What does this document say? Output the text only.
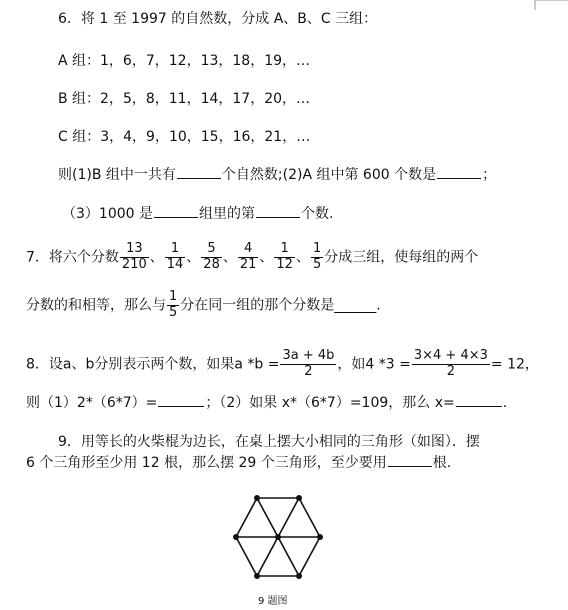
6．将 1 至 1997 的自然数，分成 A、B、C 三组：
A 组：1，6，7，12，13，18，19，…
B 组：2，5，8，11，14，17，20，…
C 组：3，4，9，10，15，16，21，…
则(1)B 组中一共有	个自然数;(2)A 组中第 600 个数是	；
（3）1000 是	组里的第	个数.
7．将六个分数 $\frac{13}{210}$ 、 $\frac{1}{14}$ 、 $\frac{5}{28}$ 、 $\frac{4}{21}$ 、 $\frac{1}{12}$ 、 $\frac{1}{5}$ 分成三组，使每组的两个
分数的和相等，那么与 $\frac{1}{5}$ 分在同一组的那个分数是______.
8．设a、b分别表示两个数，如果a $*b = \frac{3a + 4b}{2}$ ，如4 $*3 = \frac{3\times 4 + 4\times 3}{2} = 12$，
则（1）2*（6*7）=	；（2）如果 x*（6*7）=109，那么 x=	.
9．用等长的火柴棍为边长，在桌上摆大小相同的三角形（如图）．摆
6 个三角形至少用 12 根，那么摆 29 个三角形，至少要用	根.
9 题图
